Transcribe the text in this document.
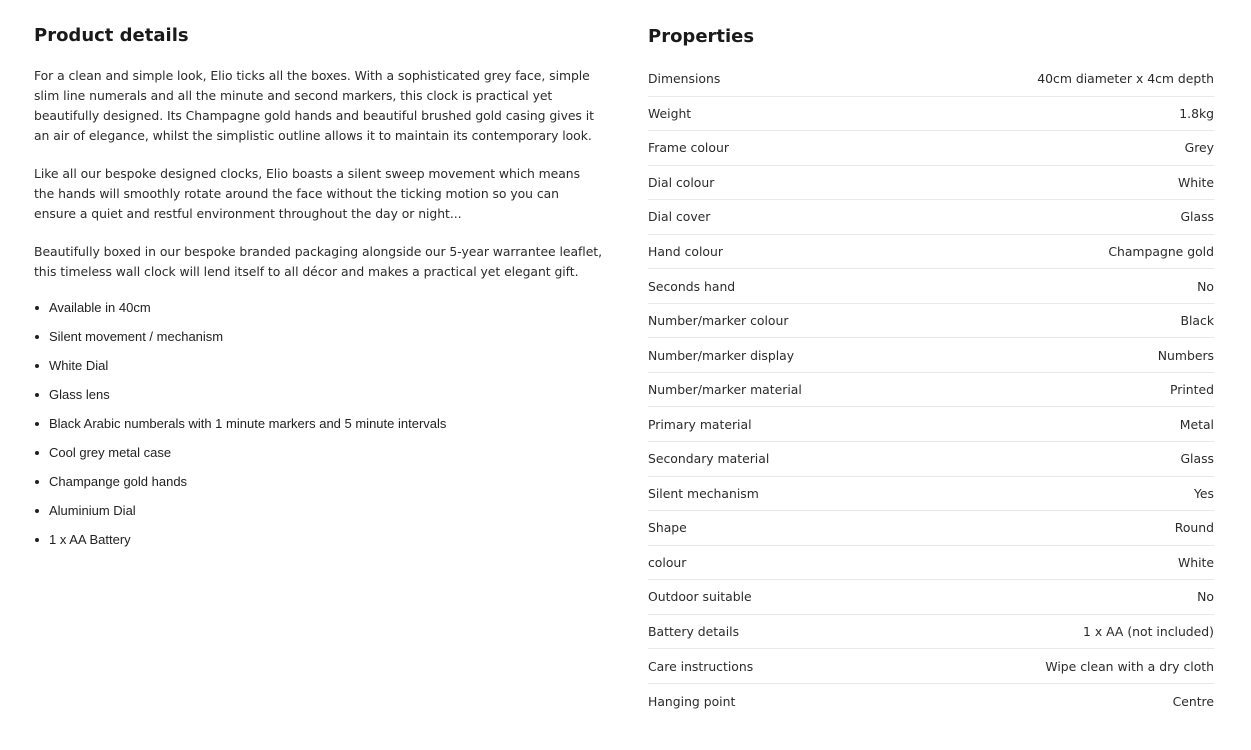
Product details

For a clean and simple look, Elio ticks all the boxes. With a sophisticated grey face, simple slim line numerals and all the minute and second markers, this clock is practical yet beautifully designed. Its Champagne gold hands and beautiful brushed gold casing gives it an air of elegance, whilst the simplistic outline allows it to maintain its contemporary look.

Like all our bespoke designed clocks, Elio boasts a silent sweep movement which means the hands will smoothly rotate around the face without the ticking motion so you can ensure a quiet and restful environment throughout the day or night...

Beautifully boxed in our bespoke branded packaging alongside our 5-year warrantee leaflet, this timeless wall clock will lend itself to all décor and makes a practical yet elegant gift.

Available in 40cm
Silent movement / mechanism
White Dial
Glass lens
Black Arabic numberals with 1 minute markers and 5 minute intervals
Cool grey metal case
Champange gold hands
Aluminium Dial
1 x AA Battery
Properties
Dimensions	40cm diameter x 4cm depth
Weight	1.8kg
Frame colour	Grey
Dial colour	White
Dial cover	Glass
Hand colour	Champagne gold
Seconds hand	No
Number/marker colour	Black
Number/marker display	Numbers
Number/marker material	Printed
Primary material	Metal
Secondary material	Glass
Silent mechanism	Yes
Shape	Round
colour	White
Outdoor suitable	No
Battery details	1 x AA (not included)
Care instructions	Wipe clean with a dry cloth
Hanging point	Centre
